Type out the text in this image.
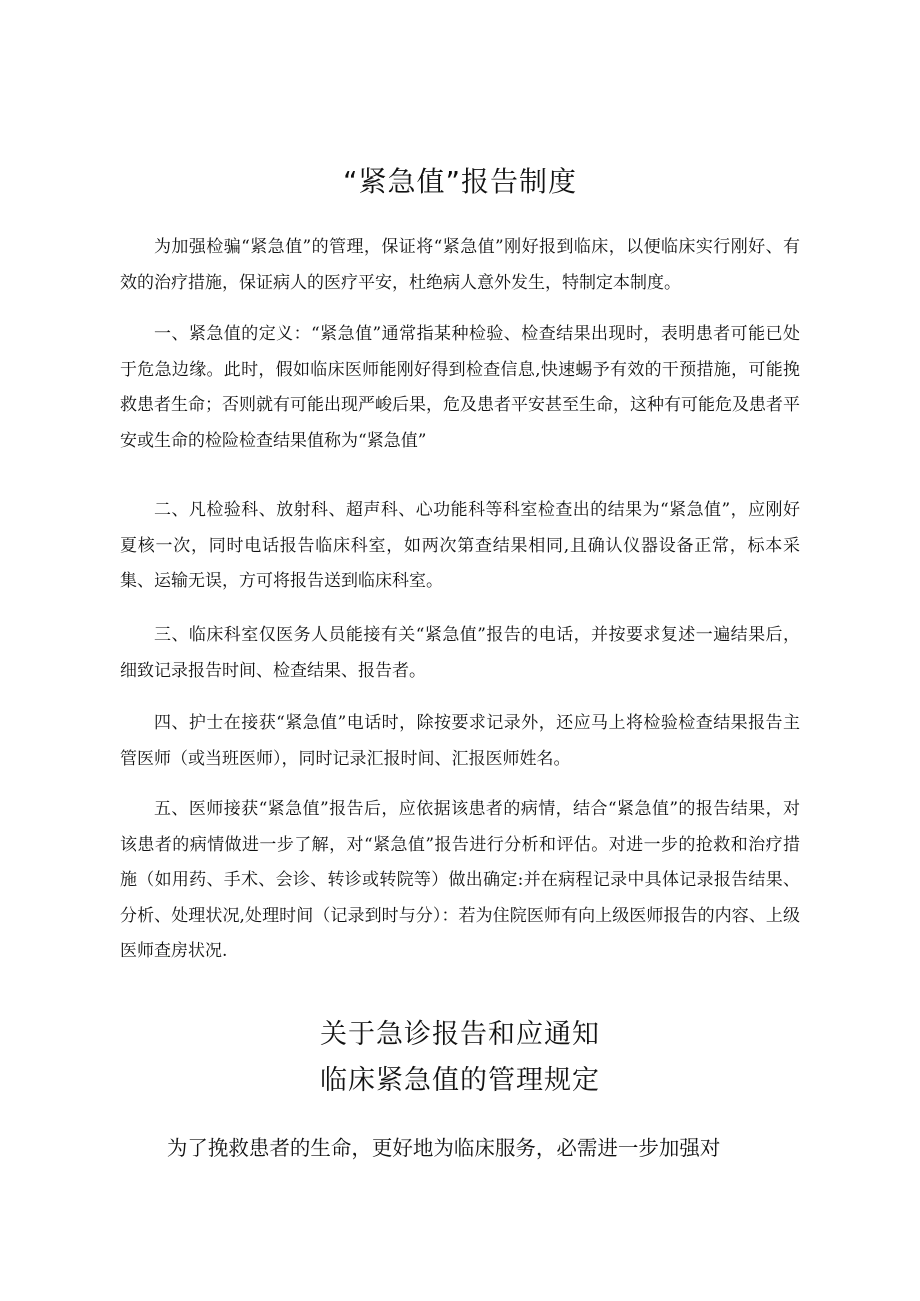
“紧急值”报告制度

为加强检骗“紧急值”的管理，保证将“紧急值”刚好报到临床，以便临床实行刚好、有效的治疗措施，保证病人的医疗平安，杜绝病人意外发生，特制定本制度。

一、紧急值的定义：“紧急值”通常指某种检验、检查结果出现时，表明患者可能已处于危急边缘。此时，假如临床医师能刚好得到检查信息,快速蜴予有效的干预措施，可能挽救患者生命；否则就有可能出现严峻后果，危及患者平安甚至生命，这种有可能危及患者平安或生命的检险检查结果值称为“紧急值”

二、凡检验科、放射科、超声科、心功能科等科室检查出的结果为“紧急值”，应刚好夏核一次，同时电话报告临床科室，如两次第查结果相同,且确认仪器设备正常，标本采集、运输无误，方可将报告送到临床科室。

三、临床科室仅医务人员能接有关“紧急值”报告的电话，并按要求复述一遍结果后，细致记录报告时间、检查结果、报告者。

四、护士在接获“紧急值”电话时，除按要求记录外，还应马上将检验检查结果报告主管医师（或当班医师），同时记录汇报时间、汇报医师姓名。

五、医师接获“紧急值”报告后，应依据该患者的病情，结合“紧急值”的报告结果，对该患者的病情做进一步了解，对“紧急值”报告进行分析和评估。对进一步的抢救和治疗措施（如用药、手术、会诊、转诊或转院等）做出确定:并在病程记录中具体记录报告结果、分析、处理状况,处理时间（记录到时与分）：若为住院医师有向上级医师报告的内容、上级医师查房状况.

关于急诊报告和应通知
临床紧急值的管理规定

为了挽救患者的生命，更好地为临床服务，必需进一步加强对
